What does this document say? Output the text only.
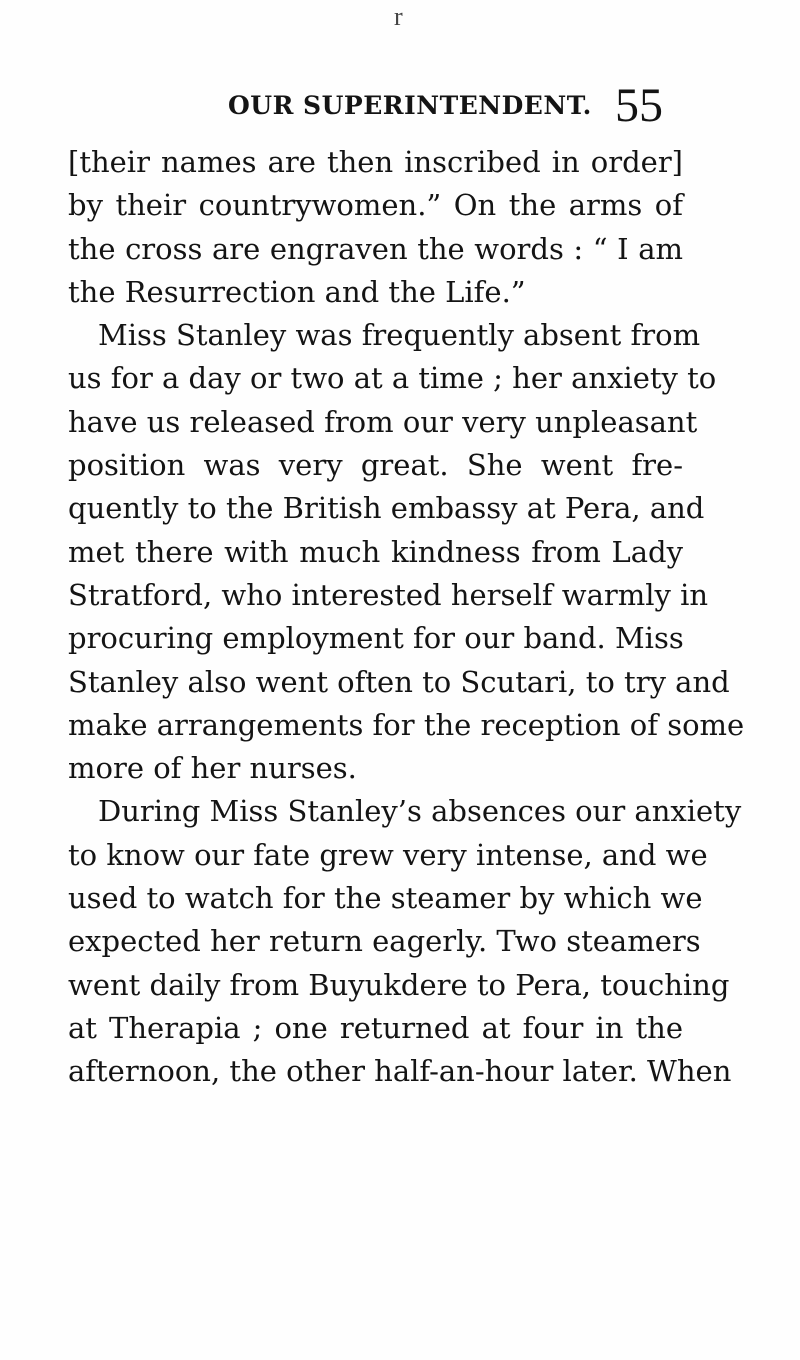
r
OUR SUPERINTENDENT. 55
[their names are then inscribed in order]
by their countrywomen.” On the arms of
the cross are engraven the words : “ I am
the Resurrection and the Life.”
Miss Stanley was frequently absent from
us for a day or two at a time ; her anxiety to
have us released from our very unpleasant
position was very great. She went fre-
quently to the British embassy at Pera, and
met there with much kindness from Lady
Stratford, who interested herself warmly in
procuring employment for our band. Miss
Stanley also went often to Scutari, to try and
make arrangements for the reception of some
more of her nurses.
During Miss Stanley’s absences our anxiety
to know our fate grew very intense, and we
used to watch for the steamer by which we
expected her return eagerly. Two steamers
went daily from Buyukdere to Pera, touching
at Therapia ; one returned at four in the
afternoon, the other half-an-hour later. When
